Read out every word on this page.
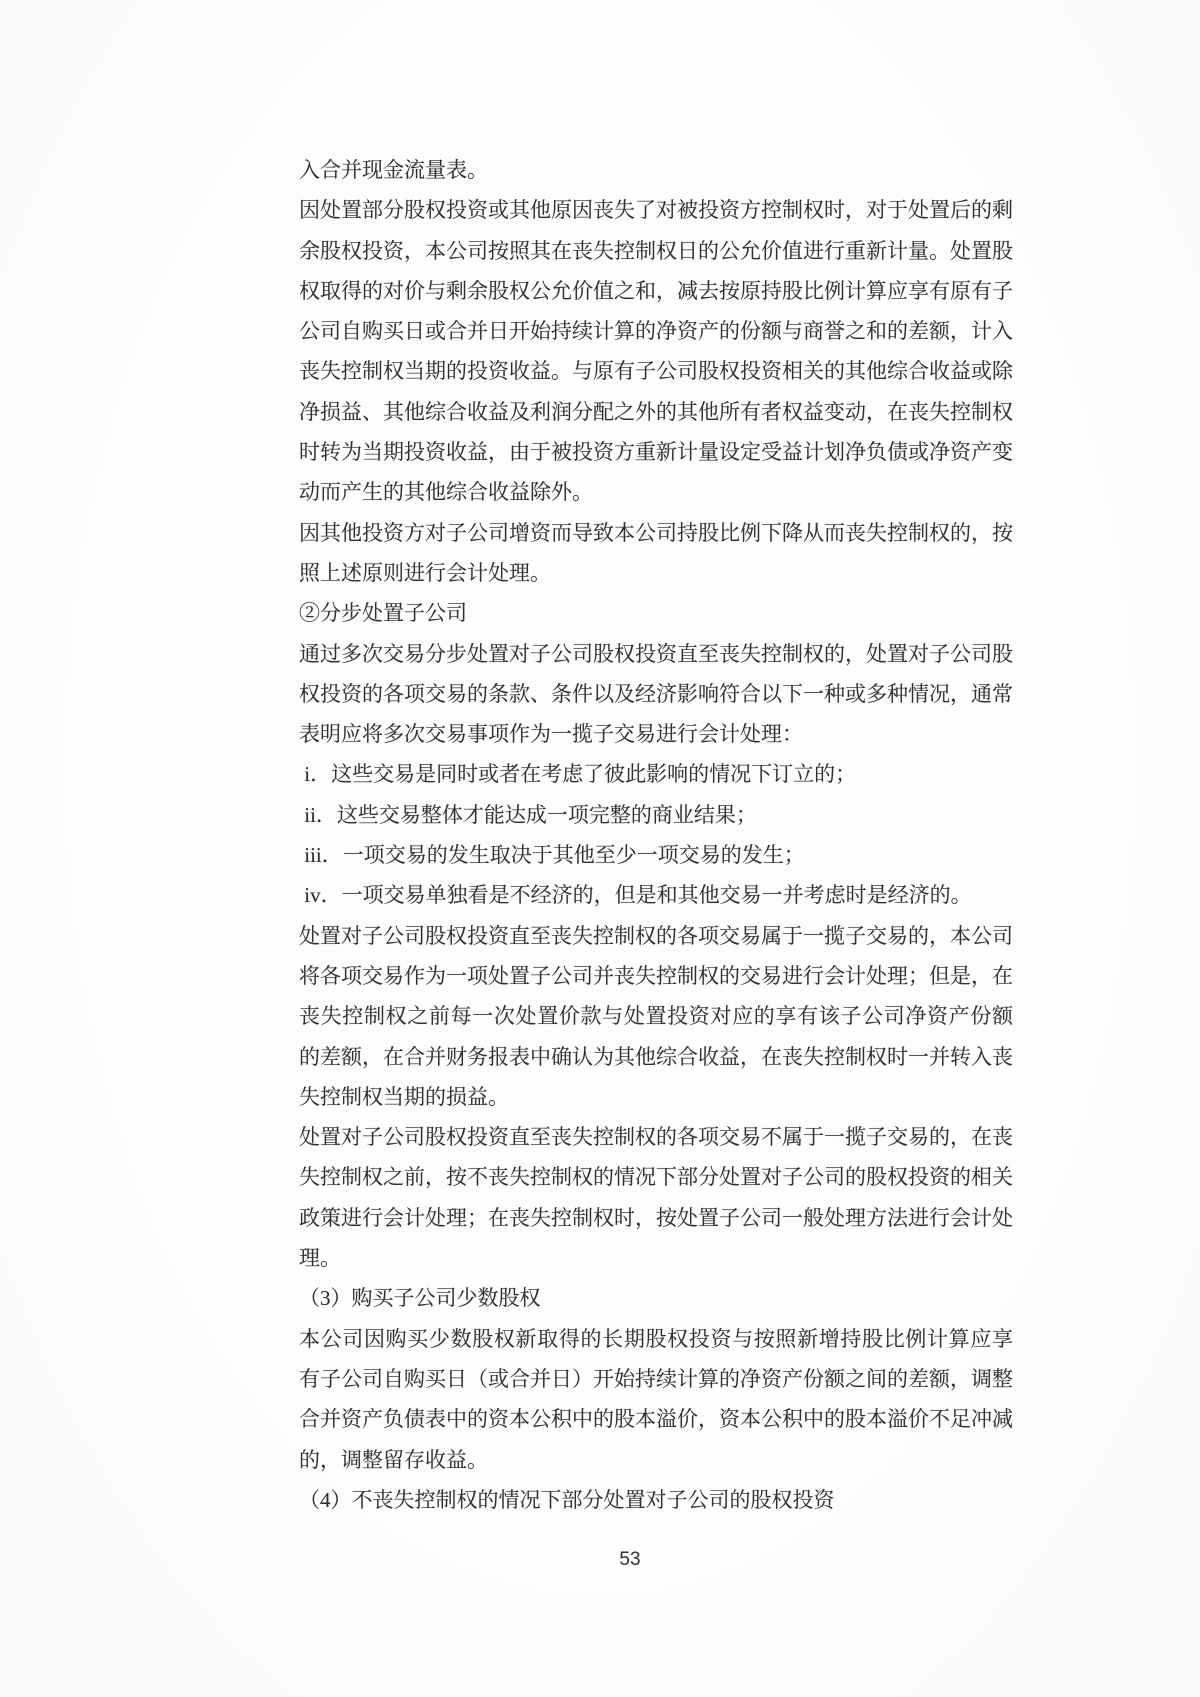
入合并现金流量表。
因处置部分股权投资或其他原因丧失了对被投资方控制权时，对于处置后的剩
余股权投资，本公司按照其在丧失控制权日的公允价值进行重新计量。处置股
权取得的对价与剩余股权公允价值之和，减去按原持股比例计算应享有原有子
公司自购买日或合并日开始持续计算的净资产的份额与商誉之和的差额，计入
丧失控制权当期的投资收益。与原有子公司股权投资相关的其他综合收益或除
净损益、其他综合收益及利润分配之外的其他所有者权益变动，在丧失控制权
时转为当期投资收益，由于被投资方重新计量设定受益计划净负债或净资产变
动而产生的其他综合收益除外。
因其他投资方对子公司增资而导致本公司持股比例下降从而丧失控制权的，按
照上述原则进行会计处理。
②分步处置子公司
通过多次交易分步处置对子公司股权投资直至丧失控制权的，处置对子公司股
权投资的各项交易的条款、条件以及经济影响符合以下一种或多种情况，通常
表明应将多次交易事项作为一揽子交易进行会计处理：
i．这些交易是同时或者在考虑了彼此影响的情况下订立的；
ii．这些交易整体才能达成一项完整的商业结果；
iii．一项交易的发生取决于其他至少一项交易的发生；
iv．一项交易单独看是不经济的，但是和其他交易一并考虑时是经济的。
处置对子公司股权投资直至丧失控制权的各项交易属于一揽子交易的，本公司
将各项交易作为一项处置子公司并丧失控制权的交易进行会计处理；但是，在
丧失控制权之前每一次处置价款与处置投资对应的享有该子公司净资产份额
的差额，在合并财务报表中确认为其他综合收益，在丧失控制权时一并转入丧
失控制权当期的损益。
处置对子公司股权投资直至丧失控制权的各项交易不属于一揽子交易的，在丧
失控制权之前，按不丧失控制权的情况下部分处置对子公司的股权投资的相关
政策进行会计处理；在丧失控制权时，按处置子公司一般处理方法进行会计处
理。
（3）购买子公司少数股权
本公司因购买少数股权新取得的长期股权投资与按照新增持股比例计算应享
有子公司自购买日（或合并日）开始持续计算的净资产份额之间的差额，调整
合并资产负债表中的资本公积中的股本溢价，资本公积中的股本溢价不足冲减
的，调整留存收益。
（4）不丧失控制权的情况下部分处置对子公司的股权投资
53
